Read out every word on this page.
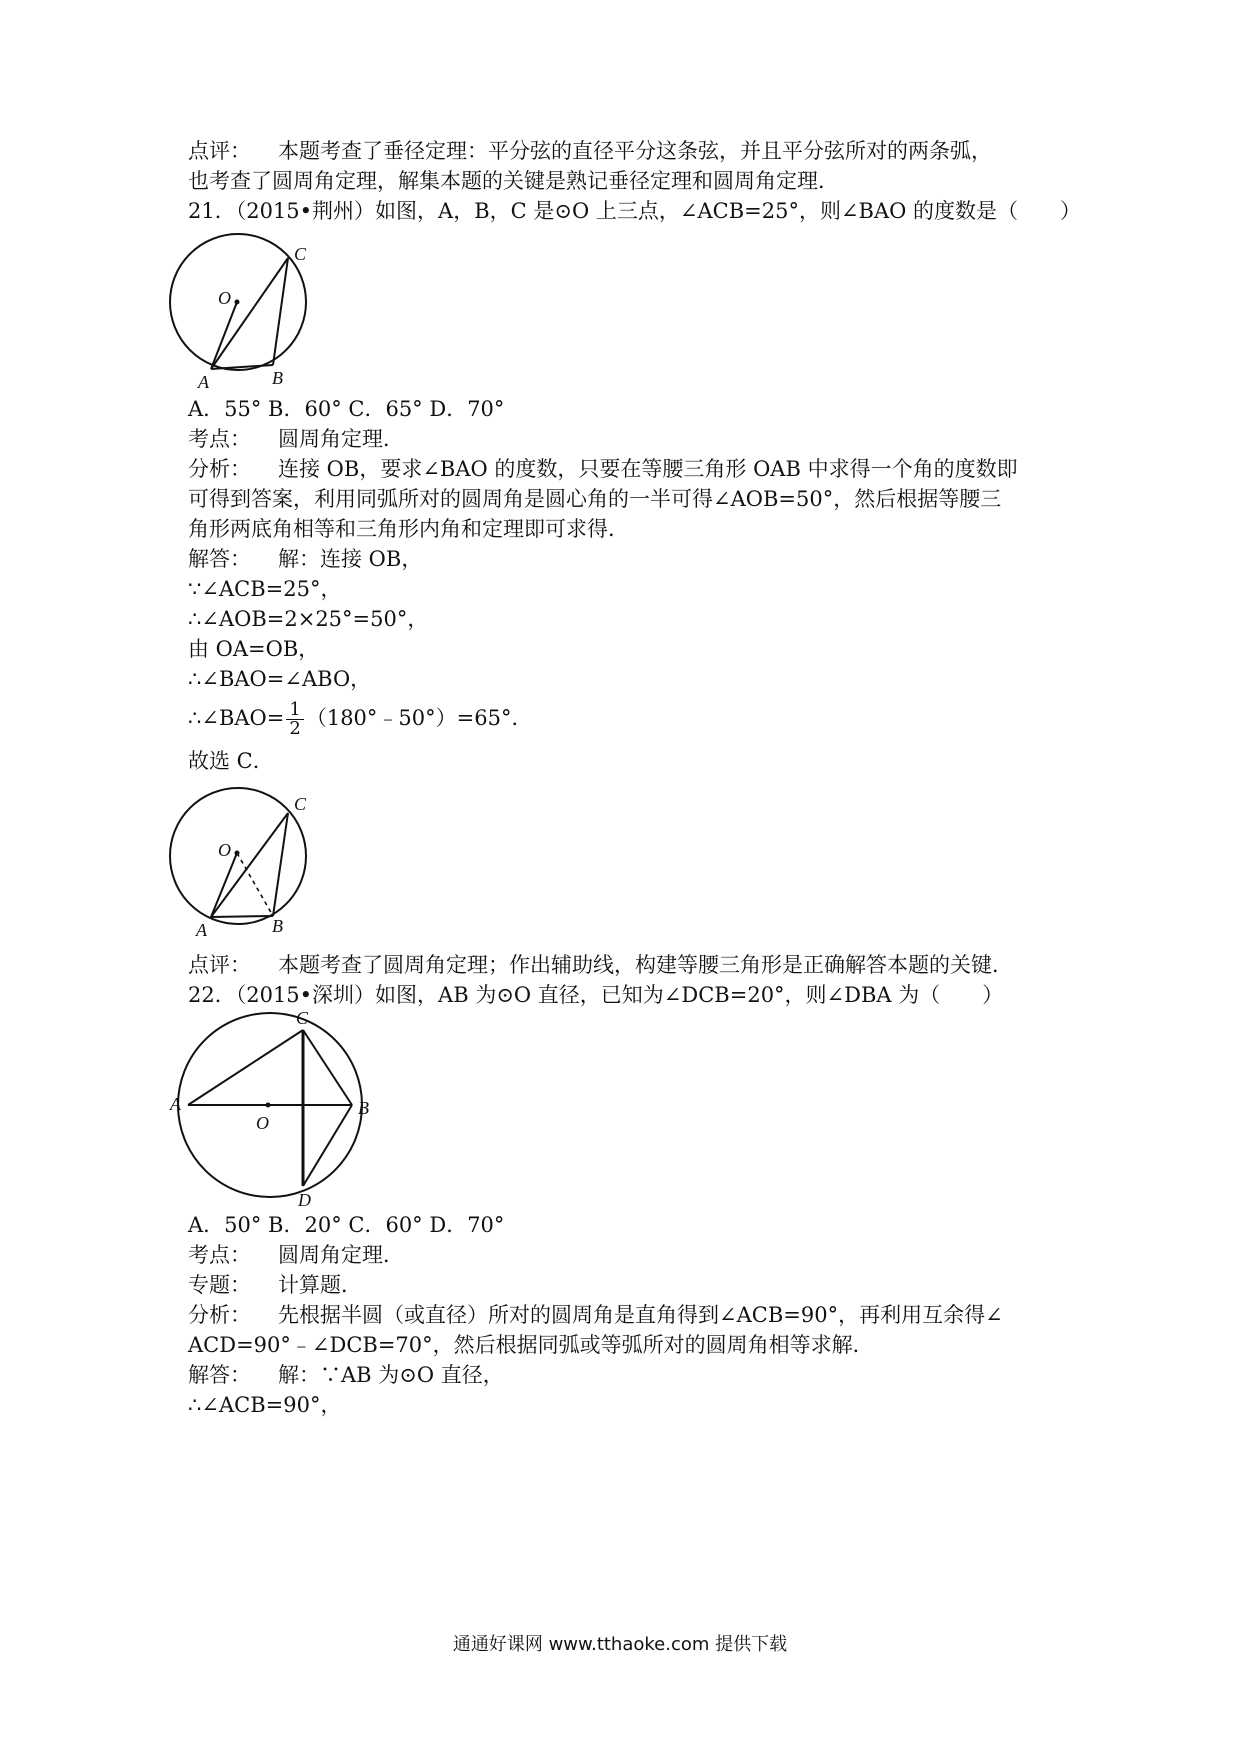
点评： 本题考查了垂径定理：平分弦的直径平分这条弦，并且平分弦所对的两条弧，
也考查了圆周角定理，解集本题的关键是熟记垂径定理和圆周角定理．
21．（2015•荆州）如图，A，B，C 是⊙O 上三点，∠ACB=25°，则∠BAO 的度数是（　　）
O
A	B
C
A．55° B．60° C．65° D．70°
考点： 圆周角定理．
分析： 连接 OB，要求∠BAO 的度数，只要在等腰三角形 OAB 中求得一个角的度数即
可得到答案，利用同弧所对的圆周角是圆心角的一半可得∠AOB=50°，然后根据等腰三
角形两底角相等和三角形内角和定理即可求得．
解答： 解：连接 OB，
∵∠ACB=25°，
∴∠AOB=2×25°=50°，
由 OA=OB，
∴∠BAO=∠ABO，
∴∠BAO= $\frac{1}{2}$ （180°﹣50°）=65°．
故选 C．
O
A	B
C
点评： 本题考查了圆周角定理；作出辅助线，构建等腰三角形是正确解答本题的关键．
22．（2015•深圳）如图，AB 为⊙O 直径，已知为∠DCB=20°，则∠DBA 为（　　）
A	B
C
D
O
A．50° B．20° C．60° D．70°
考点： 圆周角定理．
专题： 计算题．
分析： 先根据半圆（或直径）所对的圆周角是直角得到∠ACB=90°，再利用互余得∠
ACD=90°﹣∠DCB=70°，然后根据同弧或等弧所对的圆周角相等求解．
解答： 解：∵AB 为⊙O 直径，
∴∠ACB=90°，
通通好课网 www.tthaoke.com 提供下载
